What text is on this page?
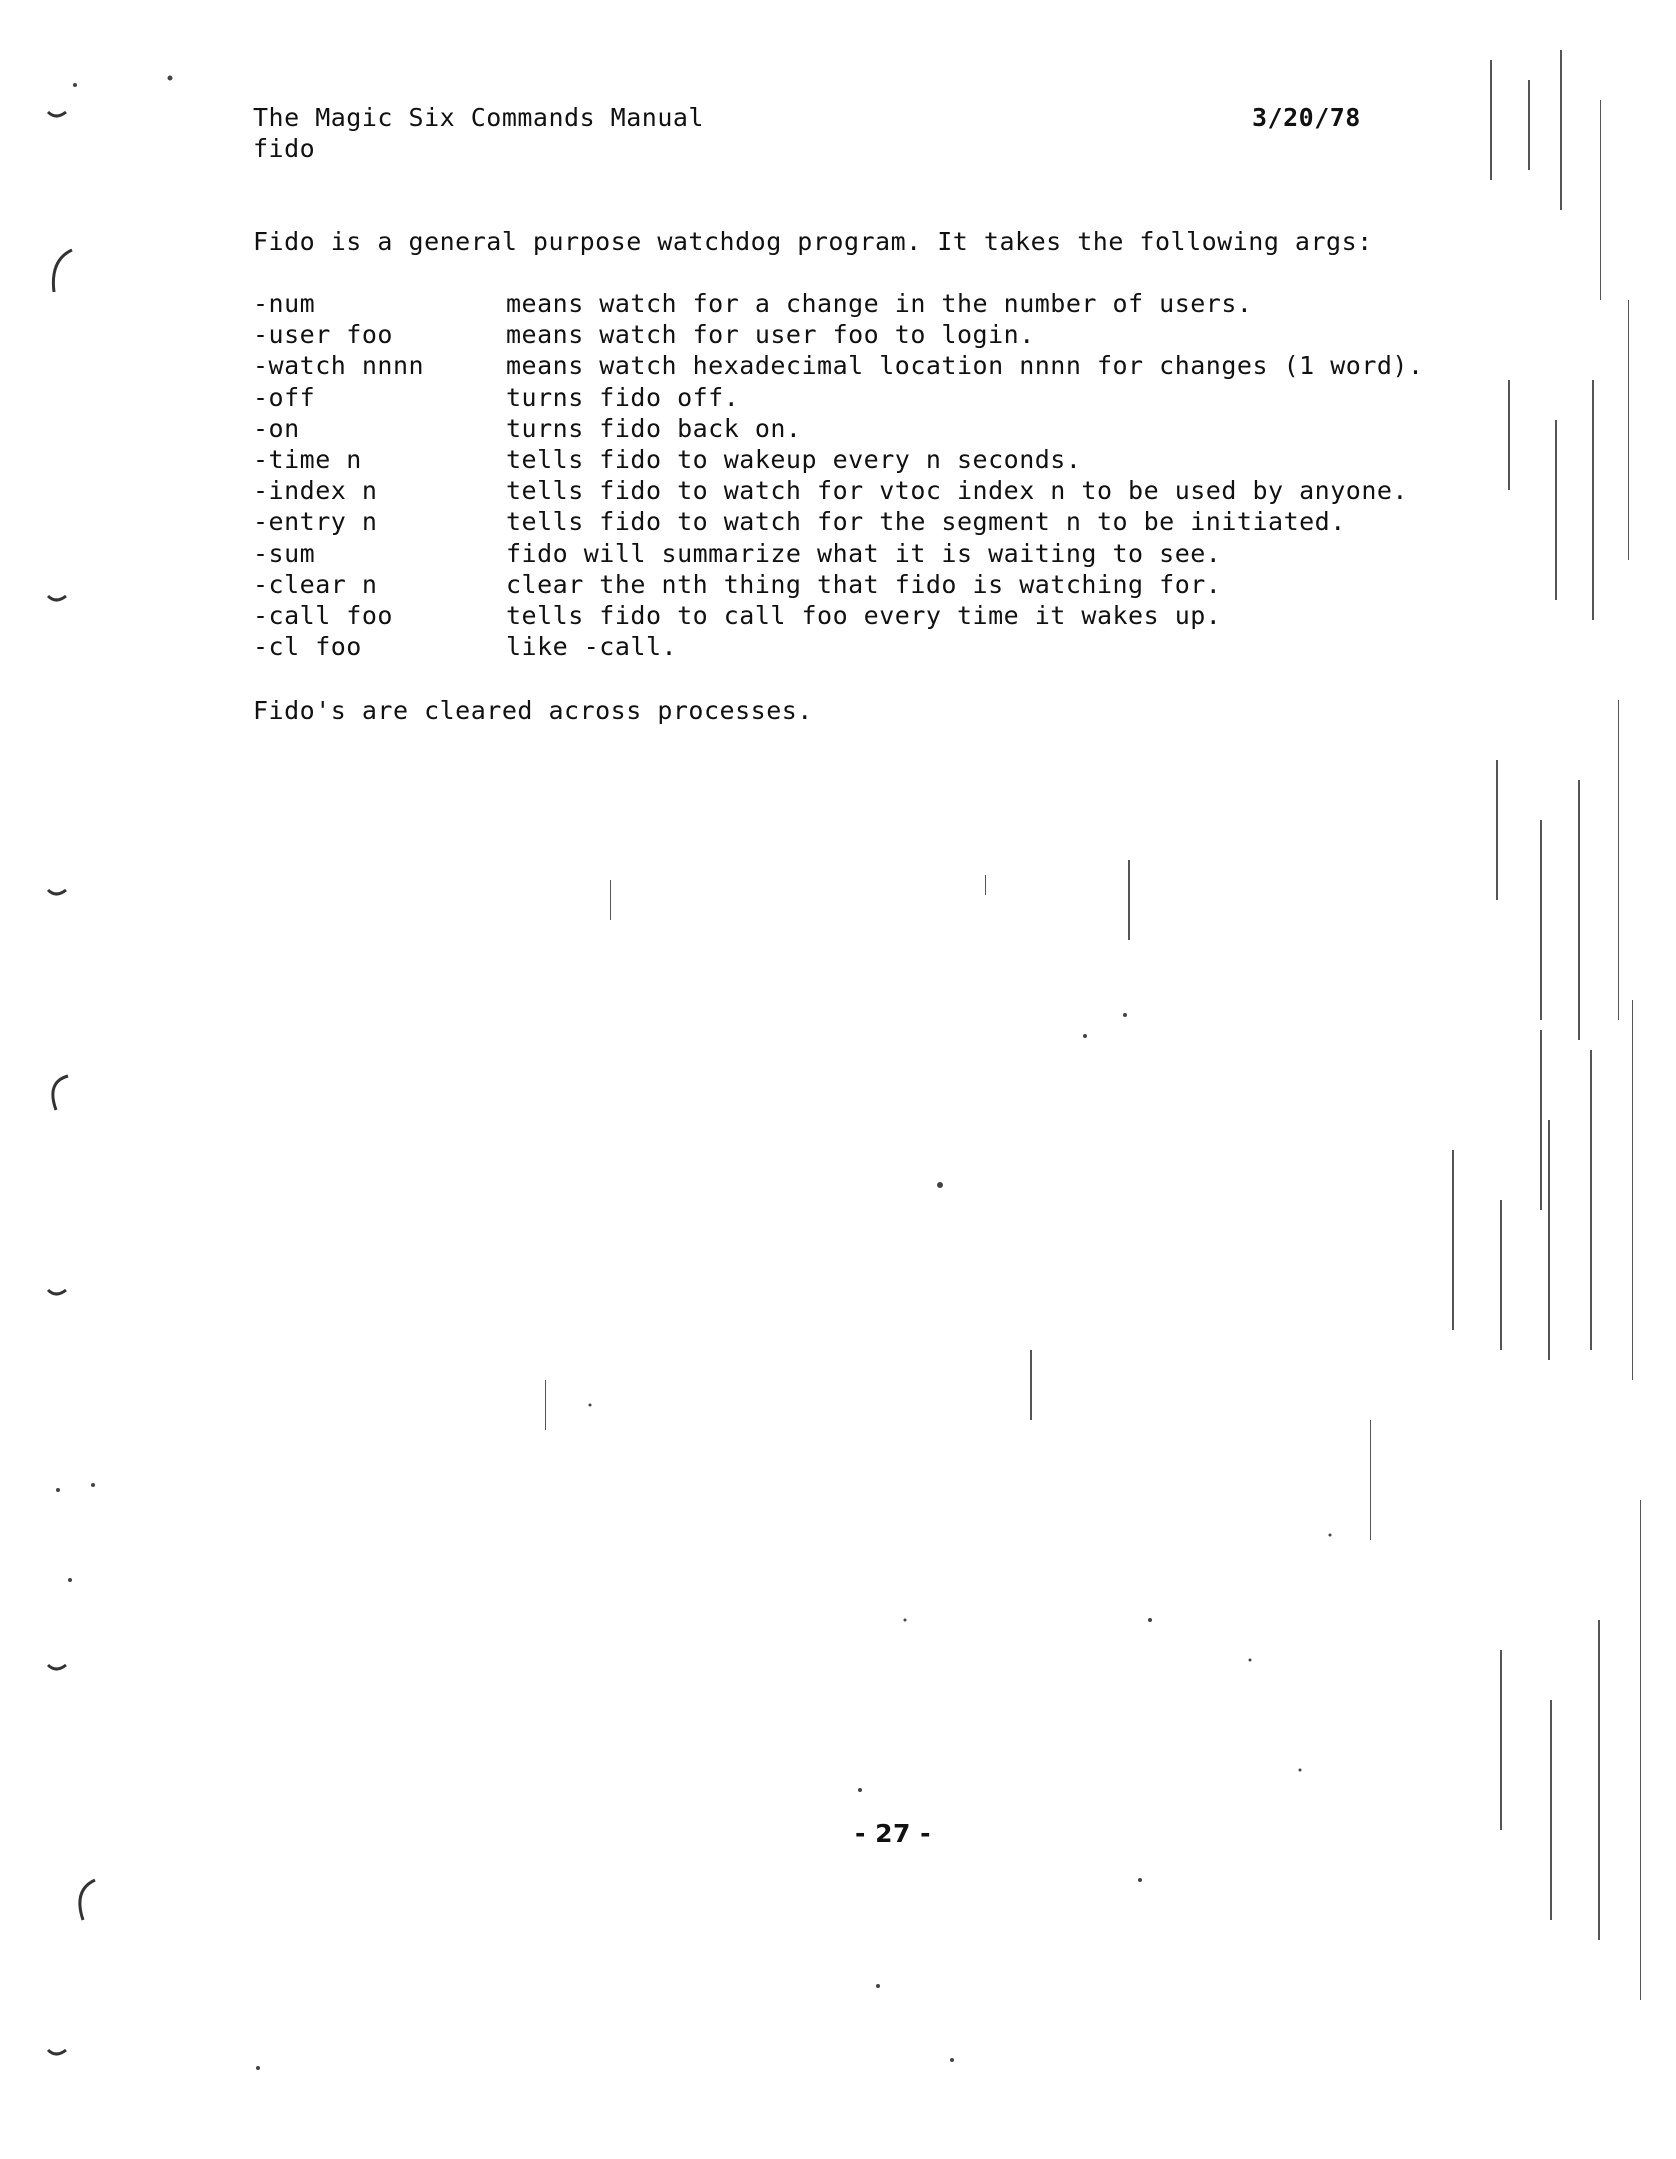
The Magic Six Commands Manual	3/20/78
fido
Fido is a general purpose watchdog program. It takes the following args:
-num	means watch for a change in the number of users.
-user foo	means watch for user foo to login.
-watch nnnn	means watch hexadecimal location nnnn for changes (1 word).
-off	turns fido off.
-on	turns fido back on.
-time n	tells fido to wakeup every n seconds.
-index n	tells fido to watch for vtoc index n to be used by anyone.
-entry n	tells fido to watch for the segment n to be initiated.
-sum	fido will summarize what it is waiting to see.
-clear n	clear the nth thing that fido is watching for.
-call foo	tells fido to call foo every time it wakes up.
-cl foo	like -call.
Fido's are cleared across processes.
- 27 -
